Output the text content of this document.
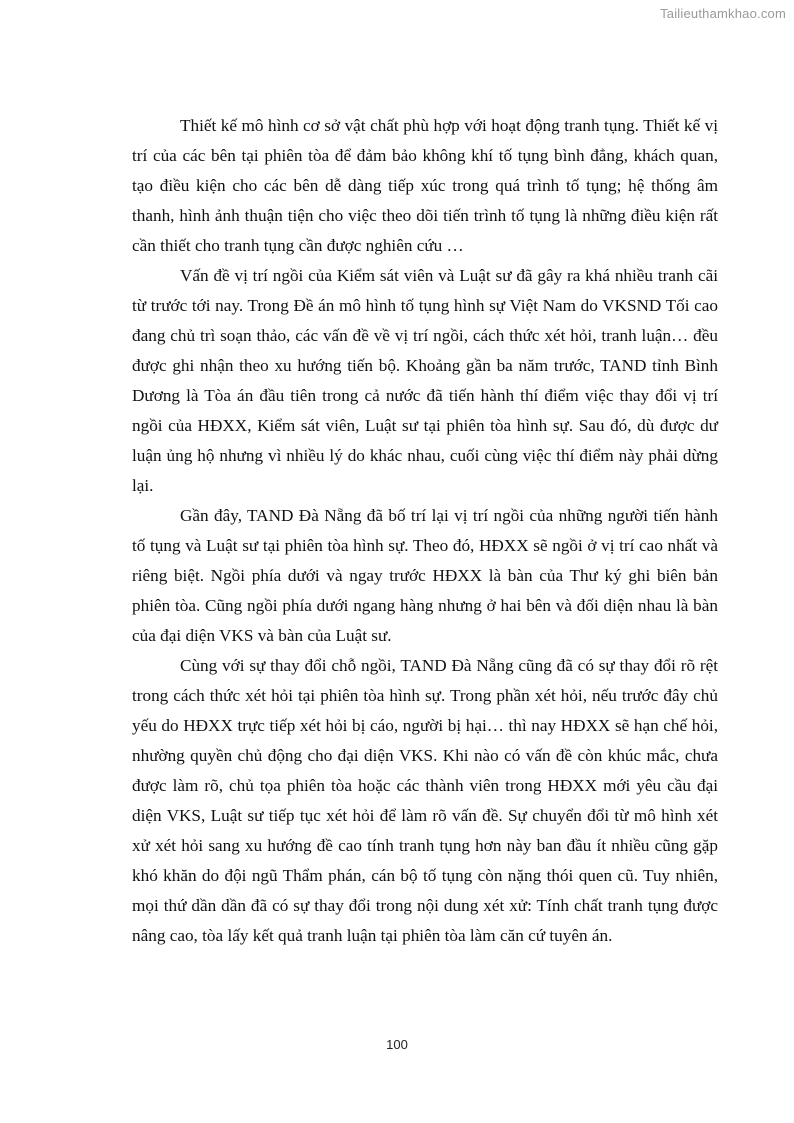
Tailieuthamkhao.com

Thiết kế mô hình cơ sở vật chất phù hợp với hoạt động tranh tụng. Thiết kế vị trí của các bên tại phiên tòa để đảm bảo không khí tố tụng bình đẳng, khách quan, tạo điều kiện cho các bên dễ dàng tiếp xúc trong quá trình tố tụng; hệ thống âm thanh, hình ảnh thuận tiện cho việc theo dõi tiến trình tố tụng là những điều kiện rất cần thiết cho tranh tụng cần được nghiên cứu …

Vấn đề vị trí ngồi của Kiểm sát viên và Luật sư đã gây ra khá nhiều tranh cãi từ trước tới nay. Trong Đề án mô hình tố tụng hình sự Việt Nam do VKSND Tối cao đang chủ trì soạn thảo, các vấn đề về vị trí ngồi, cách thức xét hỏi, tranh luận… đều được ghi nhận theo xu hướng tiến bộ. Khoảng gần ba năm trước, TAND tỉnh Bình Dương là Tòa án đầu tiên trong cả nước đã tiến hành thí điểm việc thay đổi vị trí ngồi của HĐXX, Kiểm sát viên, Luật sư tại phiên tòa hình sự. Sau đó, dù được dư luận ủng hộ nhưng vì nhiều lý do khác nhau, cuối cùng việc thí điểm này phải dừng lại.

Gần đây, TAND Đà Nẵng đã bố trí lại vị trí ngồi của những người tiến hành tố tụng và Luật sư tại phiên tòa hình sự. Theo đó, HĐXX sẽ ngồi ở vị trí cao nhất và riêng biệt. Ngồi phía dưới và ngay trước HĐXX là bàn của Thư ký ghi biên bản phiên tòa. Cũng ngồi phía dưới ngang hàng nhưng ở hai bên và đối diện nhau là bàn của đại diện VKS và bàn của Luật sư.

Cùng với sự thay đổi chỗ ngồi, TAND Đà Nẵng cũng đã có sự thay đổi rõ rệt trong cách thức xét hỏi tại phiên tòa hình sự. Trong phần xét hỏi, nếu trước đây chủ yếu do HĐXX trực tiếp xét hỏi bị cáo, người bị hại… thì nay HĐXX sẽ hạn chế hỏi, nhường quyền chủ động cho đại diện VKS. Khi nào có vấn đề còn khúc mắc, chưa được làm rõ, chủ tọa phiên tòa hoặc các thành viên trong HĐXX mới yêu cầu đại diện VKS, Luật sư tiếp tục xét hỏi để làm rõ vấn đề. Sự chuyển đổi từ mô hình xét xử xét hỏi sang xu hướng đề cao tính tranh tụng hơn này ban đầu ít nhiều cũng gặp khó khăn do đội ngũ Thẩm phán, cán bộ tố tụng còn nặng thói quen cũ. Tuy nhiên, mọi thứ dần dần đã có sự thay đổi trong nội dung xét xử: Tính chất tranh tụng được nâng cao, tòa lấy kết quả tranh luận tại phiên tòa làm căn cứ tuyên án.

100
